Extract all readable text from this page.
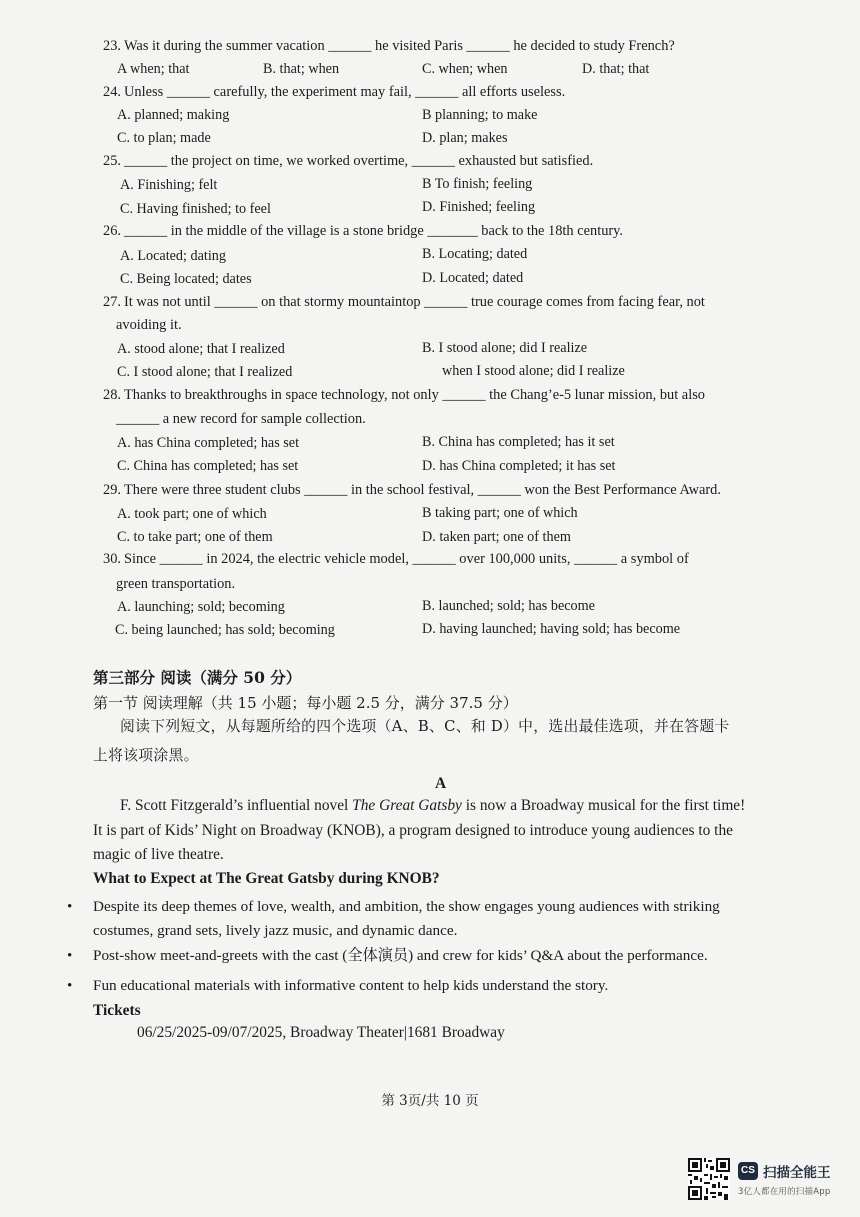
23. Was it during the summer vacation ______ he visited Paris ______ he decided to study French?
A when; that	B. that; when	C. when; when	D. that; that
24. Unless ______ carefully, the experiment may fail, ______ all efforts useless.
A. planned; making	B planning; to make
C. to plan; made	D. plan; makes
25. ______ the project on time, we worked overtime, ______ exhausted but satisfied.
A. Finishing; felt	B To finish; feeling
C. Having finished; to feel	D. Finished; feeling
26. ______ in the middle of the village is a stone bridge _______ back to the 18th century.
A. Located; dating	B. Locating; dated
C. Being located; dates	D. Located; dated
27. It was not until ______ on that stormy mountaintop ______ true courage comes from facing fear, not
avoiding it.
A. stood alone; that I realized	B. I stood alone; did I realize
C. I stood alone; that I realized	when I stood alone; did I realize
28. Thanks to breakthroughs in space technology, not only ______ the Chang’e-5 lunar mission, but also
______ a new record for sample collection.
A. has China completed; has set	B. China has completed; has it set
C. China has completed; has set	D. has China completed; it has set
29. There were three student clubs ______ in the school festival, ______ won the Best Performance Award.
A. took part; one of which	B taking part; one of which
C. to take part; one of them	D. taken part; one of them
30. Since ______ in 2024, the electric vehicle model, ______ over 100,000 units, ______ a symbol of
green transportation.
A. launching; sold; becoming	B. launched; sold; has become
C. being launched; has sold; becoming	D. having launched; having sold; has become
第三部分 阅读（满分 50 分）
第一节 阅读理解（共 15 小题；每小题 2.5 分，满分 37.5 分）
阅读下列短文，从每题所给的四个选项（A、B、C、和 D）中，选出最佳选项，并在答题卡
上将该项涂黑。
A
F. Scott Fitzgerald’s influential novel The Great Gatsby is now a Broadway musical for the first time!
It is part of Kids’ Night on Broadway (KNOB), a program designed to introduce young audiences to the
magic of live theatre.
What to Expect at The Great Gatsby during KNOB?
• Despite its deep themes of love, wealth, and ambition, the show engages young audiences with striking
costumes, grand sets, lively jazz music, and dynamic dance.
• Post-show meet-and-greets with the cast (全体演员) and crew for kids’ Q&A about the performance.
• Fun educational materials with informative content to help kids understand the story.
Tickets
06/25/2025-09/07/2025, Broadway Theater|1681 Broadway
第 3页/共 10 页
CS 扫描全能王
3亿人都在用的扫描App
